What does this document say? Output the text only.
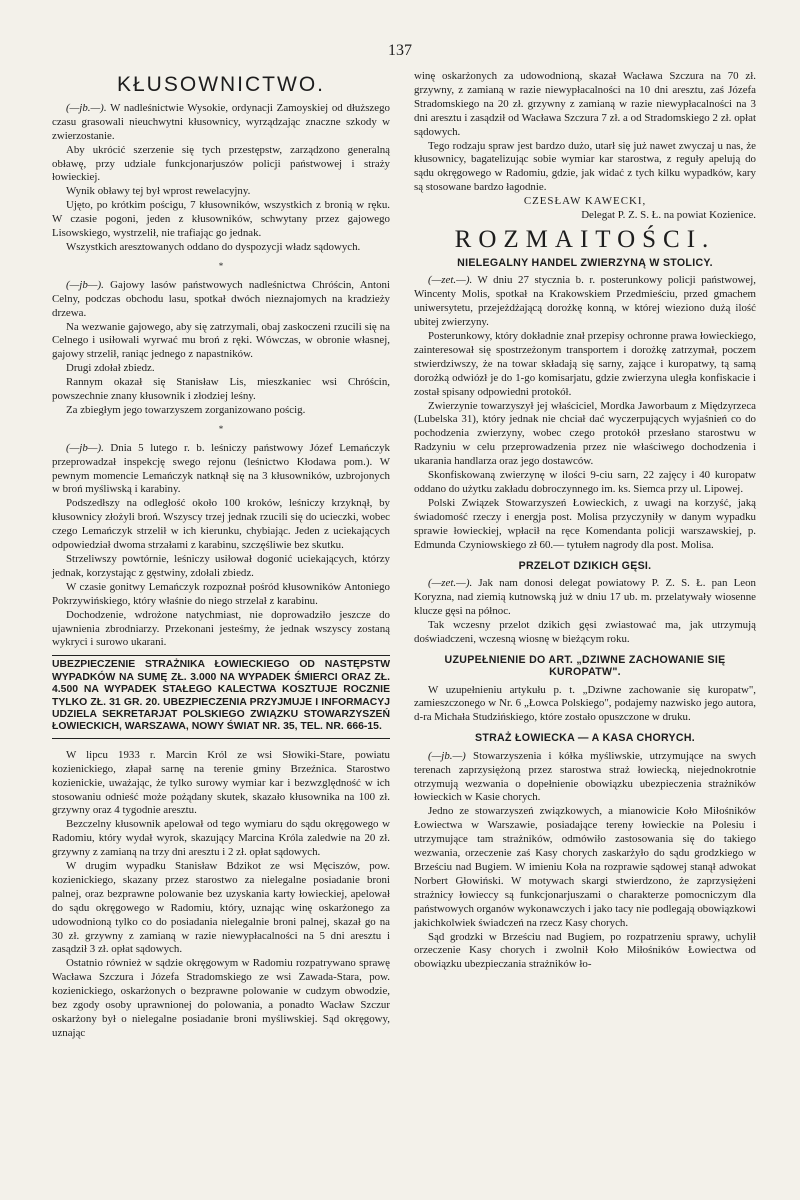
137
KŁUSOWNICTWO.

(—jb.—). W nadleśnictwie Wysokie, ordynacji Zamoyskiej od dłuższego czasu grasowali nieuchwytni kłusownicy, wyrządzając znaczne szkody w zwierzostanie.

Aby ukrócić szerzenie się tych przestępstw, zarządzono generalną obławę, przy udziale funkcjonarjuszów policji państwowej i straży łowieckiej.

Wynik obławy tej był wprost rewelacyjny.

Ujęto, po krótkim pościgu, 7 kłusowników, wszystkich z bronią w ręku. W czasie pogoni, jeden z kłusowników, schwytany przez gajowego Lisowskiego, wystrzelił, nie trafiając go jednak.

Wszystkich aresztowanych oddano do dyspozycji władz sądowych.

*

(—jb—). Gajowy lasów państwowych nadleśnictwa Chróścin, Antoni Celny, podczas obchodu lasu, spotkał dwóch nieznajomych na kradzieży drzewa.

Na wezwanie gajowego, aby się zatrzymali, obaj zaskoczeni rzucili się na Celnego i usiłowali wyrwać mu broń z ręki. Wówczas, w obronie własnej, gajowy strzelił, raniąc jednego z napastników.

Drugi zdołał zbiedz.

Rannym okazał się Stanisław Lis, mieszkaniec wsi Chróścin, powszechnie znany kłusownik i złodziej leśny.

Za zbiegłym jego towarzyszem zorganizowano pościg.

*

(—jb—). Dnia 5 lutego r. b. leśniczy państwowy Józef Lemańczyk przeprowadzał inspekcję swego rejonu (leśnictwo Kłodawa pom.). W pewnym momencie Lemańczyk natknął się na 3 kłusowników, uzbrojonych w broń myśliwską i karabiny.

Podszedłszy na odległość około 100 kroków, leśniczy krzyknął, by kłusownicy złożyli broń. Wszyscy trzej jednak rzucili się do ucieczki, wobec czego Lemańczyk strzelił w ich kierunku, chybiając. Jeden z uciekających odpowiedział dwoma strzałami z karabinu, szczęśliwie bez skutku.

Strzeliwszy powtórnie, leśniczy usiłował dogonić uciekających, którzy jednak, korzystając z gęstwiny, zdołali zbiedz.

W czasie gonitwy Lemańczyk rozpoznał pośród kłusowników Antoniego Pokrzywińskiego, który właśnie do niego strzelał z karabinu.

Dochodzenie, wdrożone natychmiast, nie doprowadziło jeszcze do ujawnienia zbrodniarzy. Przekonani jesteśmy, że jednak wszyscy zostaną wykryci i surowo ukarani.

UBEZPIECZENIE STRAŻNIKA ŁOWIECKIEGO OD NASTĘPSTW WYPADKÓW NA SUMĘ ZŁ. 3.000 NA WYPADEK ŚMIERCI ORAZ ZŁ. 4.500 NA WYPADEK STAŁEGO KALECTWA KOSZTUJE ROCZNIE TYLKO ZŁ. 31 GR. 20. UBEZPIECZENIA PRZYJMUJE I INFORMACYJ UDZIELA SEKRETARJAT POLSKIEGO ZWIĄZKU STOWARZYSZEŃ ŁOWIECKICH, WARSZAWA, NOWY ŚWIAT NR. 35, TEL. NR. 666-15.

W lipcu 1933 r. Marcin Król ze wsi Słowiki-Stare, powiatu kozienickiego, złapał sarnę na terenie gminy Brzeźnica. Starostwo kozienickie, uważając, że tylko surowy wymiar kar i bezwzględność w ich stosowaniu odnieść może pożądany skutek, skazało kłusownika na 100 zł. grzywny oraz 4 tygodnie aresztu.

Bezczelny kłusownik apelował od tego wymiaru do sądu okręgowego w Radomiu, który wydał wyrok, skazujący Marcina Króla zaledwie na 20 zł. grzywny z zamianą na trzy dni aresztu i 2 zł. opłat sądowych.

W drugim wypadku Stanisław Bdzikot ze wsi Męciszów, pow. kozienickiego, skazany przez starostwo za nielegalne posiadanie broni palnej, oraz bezprawne polowanie bez uzyskania karty łowieckiej, apelował do sądu okręgowego w Radomiu, który, uznając winę oskarżonego za udowodnioną tylko co do posiadania nielegalnie broni palnej, skazał go na 30 zł. grzywny z zamianą w razie niewypłacalności na 5 dni aresztu i zasądził 3 zł. opłat sądowych.

Ostatnio również w sądzie okręgowym w Radomiu rozpatrywano sprawę Wacława Szczura i Józefa Stradomskiego ze wsi Zawada-Stara, pow. kozienickiego, oskarżonych o bezprawne polowanie w cudzym obwodzie, bez zgody osoby uprawnionej do polowania, a ponadto Wacław Szczur oskarżony był o nielegalne posiadanie broni myśliwskiej. Sąd okręgowy, uznając

winę oskarżonych za udowodnioną, skazał Wacława Szczura na 70 zł. grzywny, z zamianą w razie niewypłacalności na 10 dni aresztu, zaś Józefa Stradomskiego na 20 zł. grzywny z zamianą w razie niewypłacalności na 3 dni aresztu i zasądził od Wacława Szczura 7 zł. a od Stradomskiego 2 zł. opłat sądowych.

Tego rodzaju spraw jest bardzo dużo, utarł się już nawet zwyczaj u nas, że kłusownicy, bagatelizując sobie wymiar kar starostwa, z reguły apelują do sądu okręgowego w Radomiu, gdzie, jak widać z tych kilku wypadków, kary są stosowane bardzo łagodnie.

CZESŁAW KAWECKI,

Delegat P. Z. S. Ł. na powiat Kozienice.

ROZMAITOŚCI.
NIELEGALNY HANDEL ZWIERZYNĄ W STOLICY.

(—zet.—). W dniu 27 stycznia b. r. posterunkowy policji państwowej, Wincenty Molis, spotkał na Krakowskiem Przedmieściu, przed gmachem uniwersytetu, przejeżdżającą dorożkę konną, w której wieziono dużą ilość ubitej zwierzyny.

Posterunkowy, który dokładnie znał przepisy ochronne prawa łowieckiego, zainteresował się spostrzeżonym transportem i dorożkę zatrzymał, poczem stwierdziwszy, że na towar składają się sarny, zające i kuropatwy, tą samą dorożką odwiózł je do 1-go komisarjatu, gdzie zwierzyna uległa konfiskacie i został spisany odpowiedni protokół.

Zwierzynie towarzyszył jej właściciel, Mordka Jaworbaum z Międzyrzeca (Lubelska 31), który jednak nie chciał dać wyczerpujących wyjaśnień co do pochodzenia zwierzyny, wobec czego protokół przesłano starostwu w Radzyniu w celu przeprowadzenia przez nie właściwego dochodzenia i ukarania handlarza oraz jego dostawców.

Skonfiskowaną zwierzynę w ilości 9-ciu sarn, 22 zajęcy i 40 kuropatw oddano do użytku zakładu dobroczynnego im. ks. Siemca przy ul. Lipowej.

Polski Związek Stowarzyszeń Łowieckich, z uwagi na korzyść, jaką świadomość rzeczy i energja post. Molisa przyczyniły w danym wypadku sprawie łowieckiej, wpłacił na ręce Komendanta policji warszawskiej, p. Edmunda Czyniowskiego zł 60.— tytułem nagrody dla post. Molisa.

PRZELOT DZIKICH GĘSI.

(—zet.—). Jak nam donosi delegat powiatowy P. Z. S. Ł. pan Leon Koryzna, nad ziemią kutnowską już w dniu 17 ub. m. przelatywały wiosenne klucze gęsi na północ.

Tak wczesny przelot dzikich gęsi zwiastować ma, jak utrzymują doświadczeni, wczesną wiosnę w bieżącym roku.

UZUPEŁNIENIE DO ART. „DZIWNE ZACHOWANIE SIĘ KUROPATW".

W uzupełnieniu artykułu p. t. „Dziwne zachowanie się kuropatw", zamieszczonego w Nr. 6 „Łowca Polskiego", podajemy nazwisko jego autora, d-ra Michała Studzińskiego, które zostało opuszczone w druku.

STRAŻ ŁOWIECKA — A KASA CHORYCH.

(—jb.—) Stowarzyszenia i kółka myśliwskie, utrzymujące na swych terenach zaprzysiężoną przez starostwa straż łowiecką, niejednokrotnie otrzymują wezwania o dopełnienie obowiązku ubezpieczenia strażników łowieckich w Kasie chorych.

Jedno ze stowarzyszeń związkowych, a mianowicie Koło Miłośników Łowiectwa w Warszawie, posiadające tereny łowieckie na Polesiu i utrzymujące tam strażników, odmówiło zastosowania się do takiego wezwania, orzeczenie zaś Kasy chorych zaskarżyło do sądu grodzkiego w Brześciu nad Bugiem. W imieniu Koła na rozprawie sądowej stanął adwokat Norbert Głowiński. W motywach skargi stwierdzono, że zaprzysiężeni strażnicy łowieccy są funkcjonarjuszami o charakterze pomocniczym dla państwowych organów wykonawczych i jako tacy nie podlegają obowiązkowi jakichkolwiek świadczeń na rzecz Kasy chorych.

Sąd grodzki w Brześciu nad Bugiem, po rozpatrzeniu sprawy, uchylił orzeczenie Kasy chorych i zwolnił Koło Miłośników Łowiectwa od obowiązku ubezpieczania strażników ło-
